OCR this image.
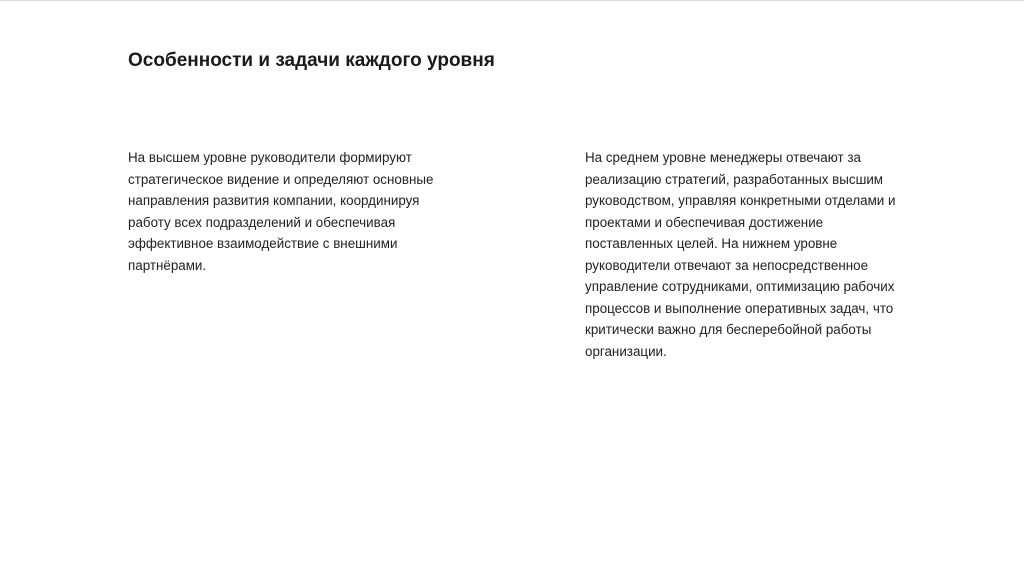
Особенности и задачи каждого уровня

На высшем уровне руководители формируют
стратегическое видение и определяют основные
направления развития компании, координируя
работу всех подразделений и обеспечивая
эффективное взаимодействие с внешними
партнёрами.

На среднем уровне менеджеры отвечают за
реализацию стратегий, разработанных высшим
руководством, управляя конкретными отделами и
проектами и обеспечивая достижение
поставленных целей. На нижнем уровне
руководители отвечают за непосредственное
управление сотрудниками, оптимизацию рабочих
процессов и выполнение оперативных задач, что
критически важно для бесперебойной работы
организации.
